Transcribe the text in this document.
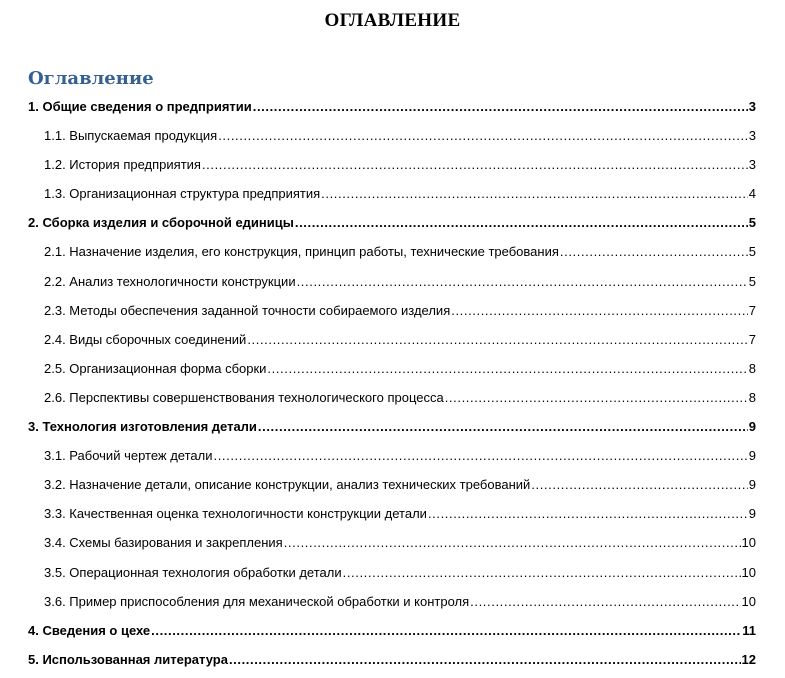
ОГЛАВЛЕНИЕ
Оглавление
1. Общие сведения о предприятии .....	3
1.1. Выпускаемая продукция .....	3
1.2. История предприятия .....	3
1.3. Организационная структура предприятия .....	4
2. Сборка изделия и сборочной единицы .....	5
2.1. Назначение изделия, его конструкция, принцип работы, технические требования .....	5
2.2. Анализ технологичности конструкции .....	5
2.3. Методы обеспечения заданной точности собираемого изделия .....	7
2.4. Виды сборочных соединений .....	7
2.5. Организационная форма сборки .....	8
2.6. Перспективы совершенствования технологического процесса .....	8
3. Технология изготовления детали .....	9
3.1. Рабочий чертеж детали .....	9
3.2. Назначение детали, описание конструкции, анализ технических требований .....	9
3.3. Качественная оценка технологичности конструкции детали .....	9
3.4. Схемы базирования и закрепления .....	10
3.5. Операционная технология обработки детали .....	10
3.6. Пример приспособления для механической обработки и контроля .....	10
4. Сведения о цехе .....	11
5. Использованная литература .....	12
